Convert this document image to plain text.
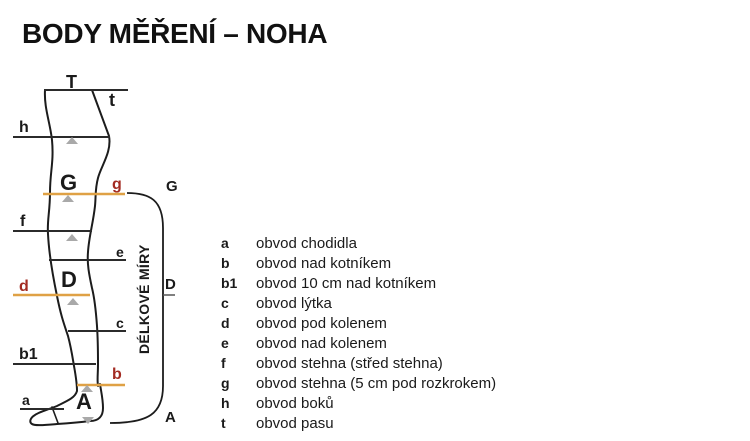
BODY MĚŘENÍ – NOHA
T
t
h
G g	G
f
e
d D	D
c
b1
b
a A
A
DÉLKOVÉ MÍRY
a	obvod chodidla
b	obvod nad kotníkem
b1	obvod 10 cm nad kotníkem
c	obvod lýtka
d	obvod pod kolenem
e	obvod nad kolenem
f	obvod stehna (střed stehna)
g	obvod stehna (5 cm pod rozkrokem)
h	obvod boků
t	obvod pasu
